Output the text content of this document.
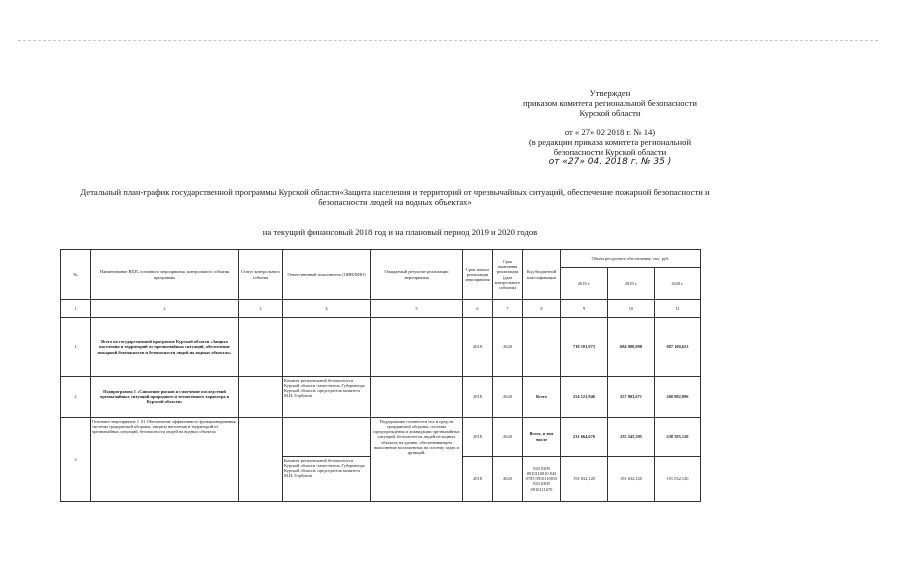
Утвержден
приказом комитета региональной безопасности
Курской области
от « 27» 02 2018 г. № 14)
(в редакции приказа комитета региональной
безопасности Курской области
от «27» 04. 2018 г. № 35 )
Детальный план-график государственной программы Курской области«Защита населения и территорий от чрезвычайных ситуаций, обеспечение пожарной безопасности и безопасности людей на водных объектах»
на текущий финансовый 2018 год и на плановый период 2019 и 2020 годов
№	Наименование ВЦП, основного мероприятия, контрольного события программы	Статус контрольного события	Ответственный исполнитель (ОИВ/ФИО)	Ожидаемый результат реализации мероприятия	Срок начала реализации мероприятия	Срок окончания реализации (дата контрольного события)	Код бюджетной классификации	Объем ресурсного обеспечения, тыс. руб.		
								2018 г.	2019 г.	2020 г.
1	2	3	4	5	6	7	8	9	10	11
1	Всего по государственной программе Курской области «Защита населения и территорий от чрезвычайных ситуаций, обеспечение пожарной безопасности и безопасности людей на водных объектах»				2018	2020		718 101,973	684 000,098	687 100,623
2	Подпрограмма 1 «Снижение рисков и смягчение последствий чрезвычайных ситуаций природного и техногенного характера в Курской области»		Комитет региональной безопасности Курской области /заместитель Губернатора Курской области, председатель комитета М.Н. Горбунов		2018	2020	Всего	254 121,946	257 003,671	260 882,096
3	Основное мероприятие 1. 01 Обеспечение эффективного функционирования системы гражданской обороны, защиты населения и территорий от чрезвычайных ситуаций, безопасности людей на водных объектах			Поддержание готовности сил и средств гражданской обороны, системы предупреждения и ликвидации чрезвычайных ситуаций, безопасности людей на водных объектах на уровне, обеспечивающем выполнение возложенных на систему задач и функций.	2018	2020	Всего, в том числе	231 664,670	235 345,395	238 395,120
			Комитет региональной безопасности Курской области /заместитель Губернатора Курской области, председатель комитета М.Н. Горбунов		2018	2020	843 0309 0910110010 843 0705 0910110010 843 0309 0910111670	191 032,120	191 032,120	191 032,120
